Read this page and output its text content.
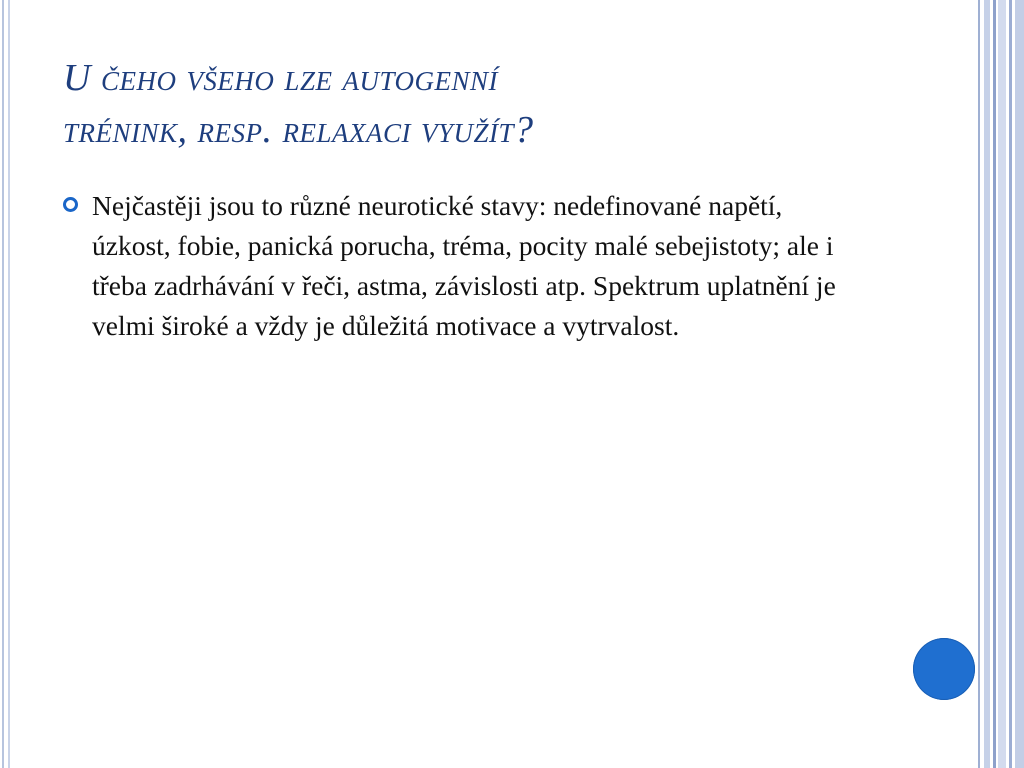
U čeho všeho lze autogenní
trénink, resp. relaxaci využít?

Nejčastěji jsou to různé neurotické stavy: nedefinované napětí, úzkost, fobie, panická porucha, tréma, pocity malé sebejistoty; ale i třeba zadrhávání v řeči, astma, závislosti atp. Spektrum uplatnění je velmi široké a vždy je důležitá motivace a vytrvalost.
